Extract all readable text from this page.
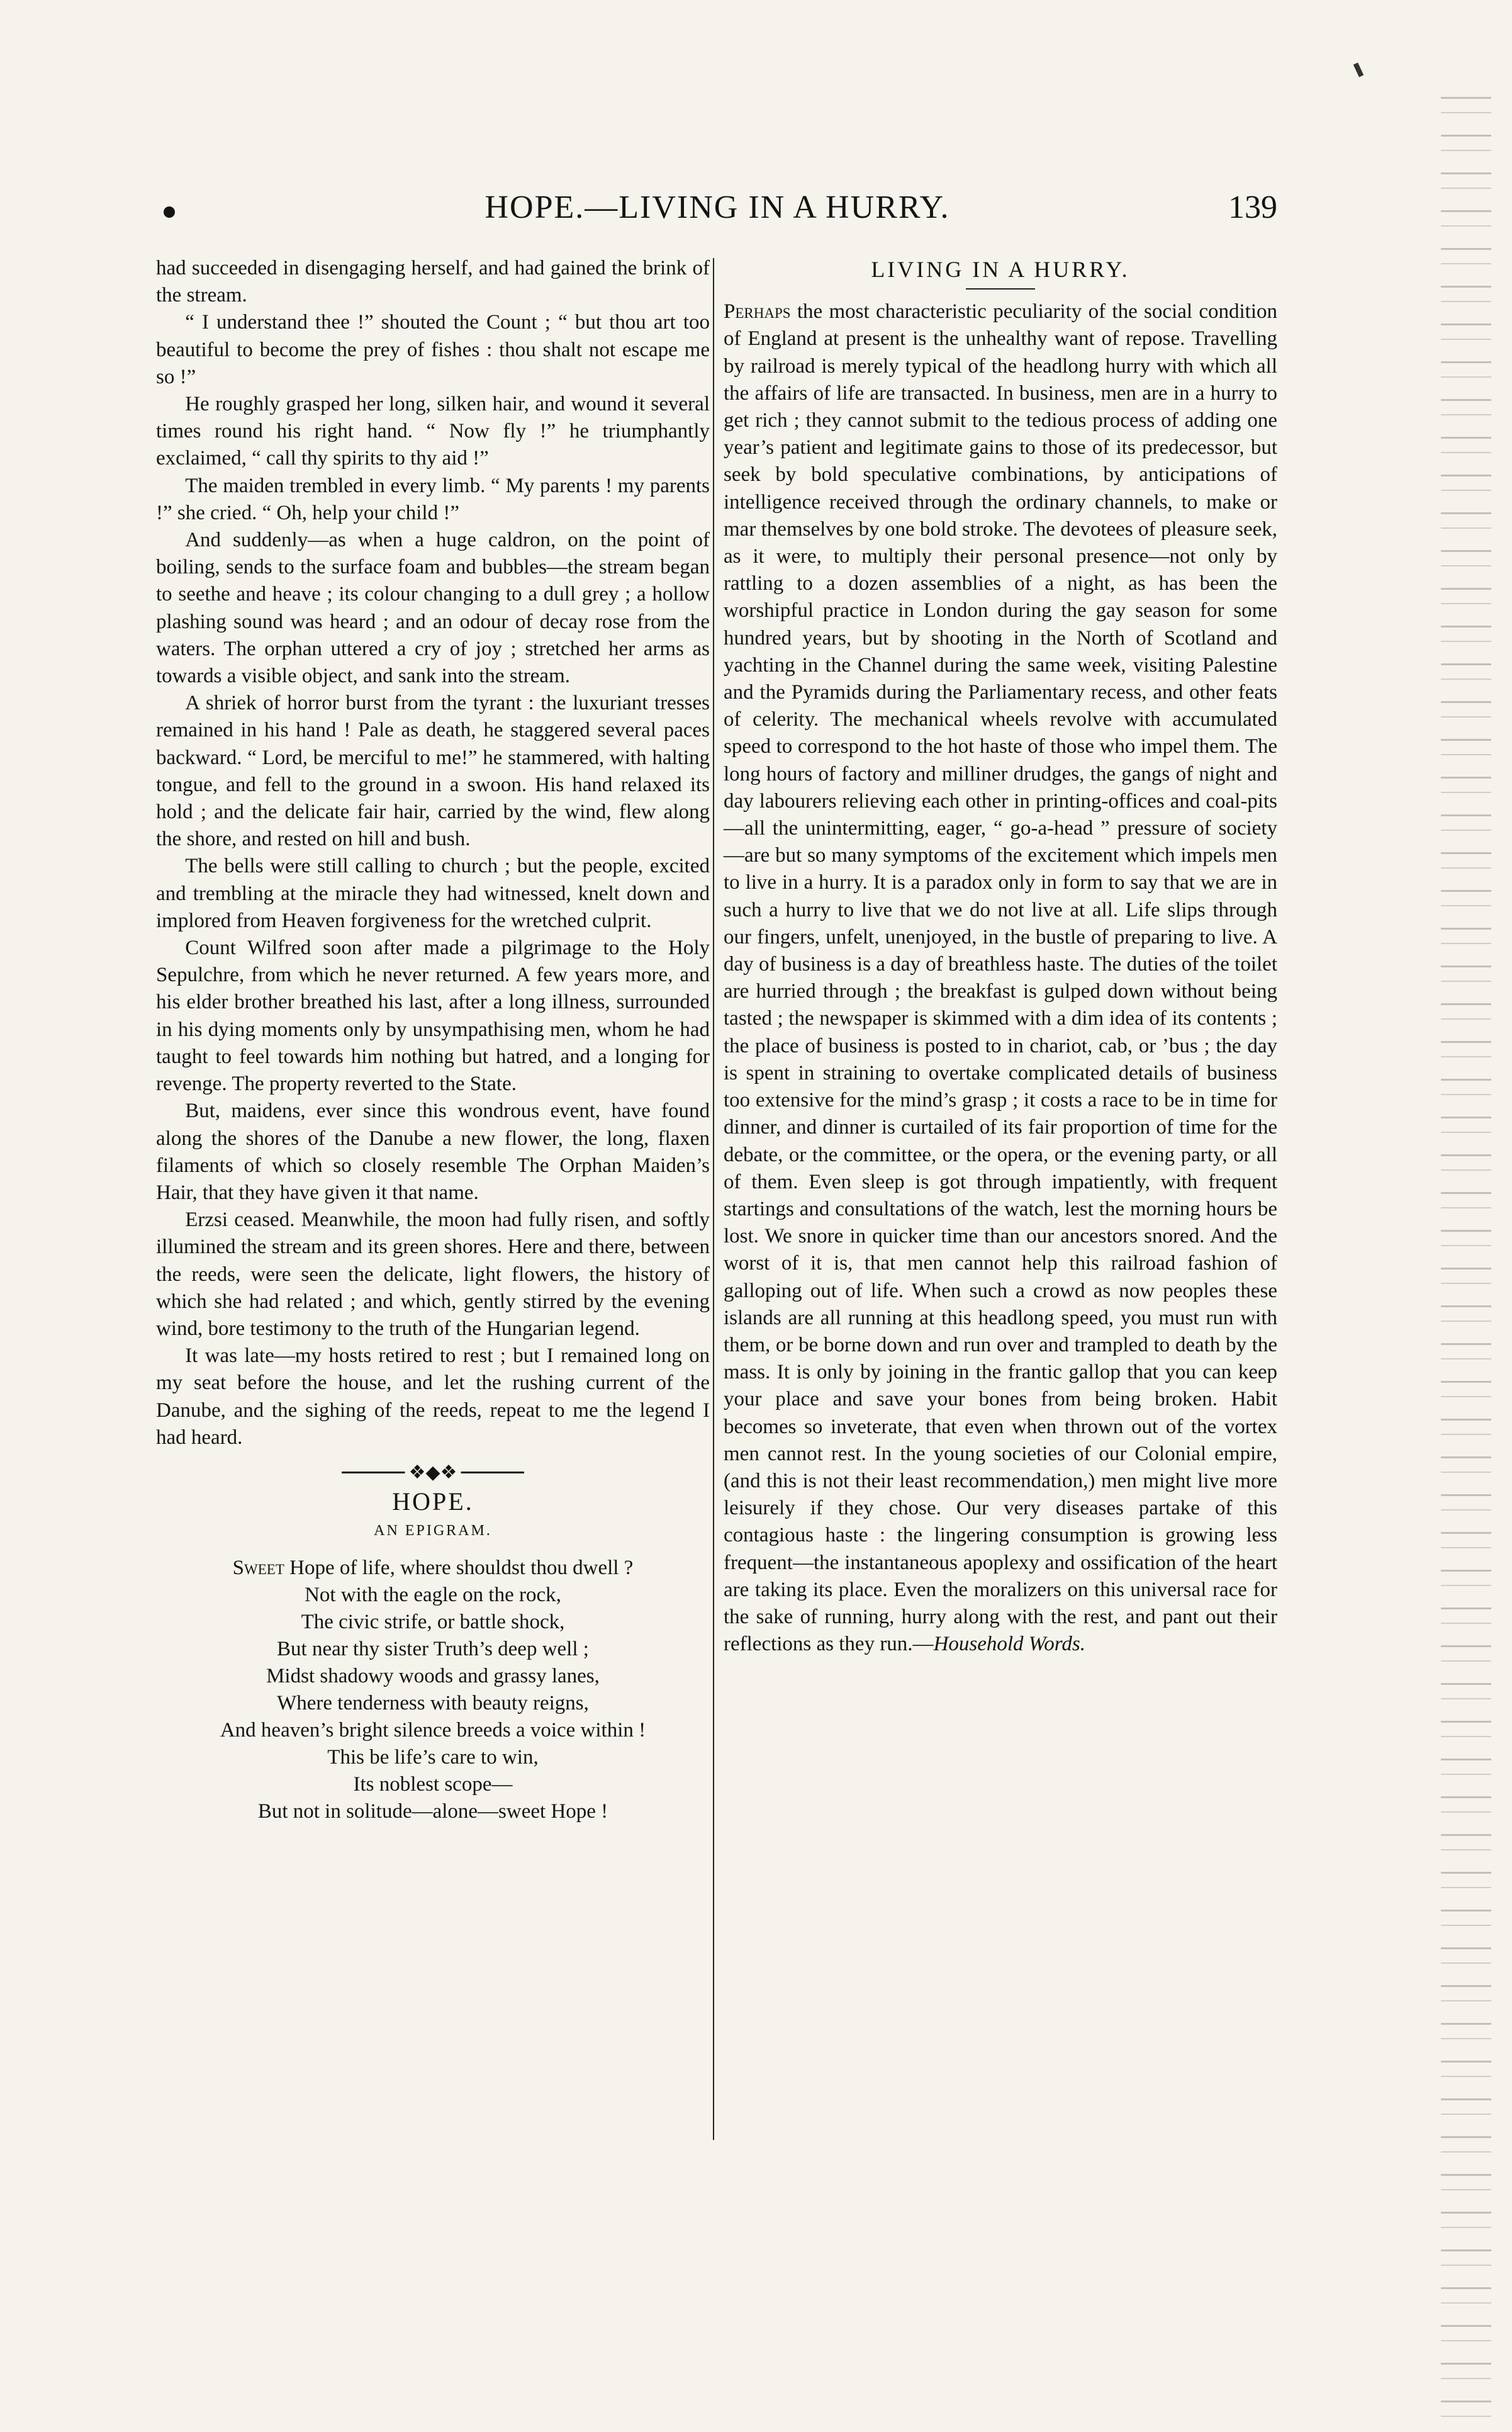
HOPE.—LIVING IN A HURRY.	139

had succeeded in disengaging herself, and had gained the brink of the stream.

“ I understand thee !” shouted the Count ; “ but thou art too beautiful to become the prey of fishes : thou shalt not escape me so !”

He roughly grasped her long, silken hair, and wound it several times round his right hand. “ Now fly !” he triumphantly exclaimed, “ call thy spirits to thy aid !”

The maiden trembled in every limb. “ My parents ! my parents !” she cried. “ Oh, help your child !”

And suddenly—as when a huge caldron, on the point of boiling, sends to the surface foam and bubbles—the stream began to seethe and heave ; its colour changing to a dull grey ; a hollow plashing sound was heard ; and an odour of decay rose from the waters. The orphan uttered a cry of joy ; stretched her arms as towards a visible object, and sank into the stream.

A shriek of horror burst from the tyrant : the luxuriant tresses remained in his hand ! Pale as death, he staggered several paces backward. “ Lord, be merciful to me!” he stammered, with halting tongue, and fell to the ground in a swoon. His hand relaxed its hold ; and the delicate fair hair, carried by the wind, flew along the shore, and rested on hill and bush.

The bells were still calling to church ; but the people, excited and trembling at the miracle they had witnessed, knelt down and implored from Heaven forgiveness for the wretched culprit.

Count Wilfred soon after made a pilgrimage to the Holy Sepulchre, from which he never returned. A few years more, and his elder brother breathed his last, after a long illness, surrounded in his dying moments only by unsympathising men, whom he had taught to feel towards him nothing but hatred, and a longing for revenge. The property reverted to the State.

But, maidens, ever since this wondrous event, have found along the shores of the Danube a new flower, the long, flaxen filaments of which so closely resemble The Orphan Maiden’s Hair, that they have given it that name.

Erzsi ceased. Meanwhile, the moon had fully risen, and softly illumined the stream and its green shores. Here and there, between the reeds, were seen the delicate, light flowers, the history of which she had related ; and which, gently stirred by the evening wind, bore testimony to the truth of the Hungarian legend.

It was late—my hosts retired to rest ; but I remained long on my seat before the house, and let the rushing current of the Danube, and the sighing of the reeds, repeat to me the legend I had heard.

❖◆❖
HOPE.
AN EPIGRAM.
Sweet Hope of life, where shouldst thou dwell ?
Not with the eagle on the rock,
The civic strife, or battle shock,
But near thy sister Truth’s deep well ;
Midst shadowy woods and grassy lanes,
Where tenderness with beauty reigns,
And heaven’s bright silence breeds a voice within !
This be life’s care to win,
Its noblest scope—
But not in solitude—alone—sweet Hope !
LIVING IN A HURRY.

Perhaps the most characteristic peculiarity of the social condition of England at present is the unhealthy want of repose. Travelling by railroad is merely typical of the headlong hurry with which all the affairs of life are transacted. In business, men are in a hurry to get rich ; they cannot submit to the tedious process of adding one year’s patient and legitimate gains to those of its predecessor, but seek by bold speculative combinations, by anticipations of intelligence received through the ordinary channels, to make or mar themselves by one bold stroke. The devotees of pleasure seek, as it were, to multiply their personal presence—not only by rattling to a dozen assemblies of a night, as has been the worshipful practice in London during the gay season for some hundred years, but by shooting in the North of Scotland and yachting in the Channel during the same week, visiting Palestine and the Pyramids during the Parliamentary recess, and other feats of celerity. The mechanical wheels revolve with accumulated speed to correspond to the hot haste of those who impel them. The long hours of factory and milliner drudges, the gangs of night and day labourers relieving each other in printing-offices and coal-pits—all the unintermitting, eager, “ go-a-head ” pressure of society—are but so many symptoms of the excitement which impels men to live in a hurry. It is a paradox only in form to say that we are in such a hurry to live that we do not live at all. Life slips through our fingers, unfelt, unenjoyed, in the bustle of preparing to live. A day of business is a day of breathless haste. The duties of the toilet are hurried through ; the breakfast is gulped down without being tasted ; the newspaper is skimmed with a dim idea of its contents ; the place of business is posted to in chariot, cab, or ’bus ; the day is spent in straining to overtake complicated details of business too extensive for the mind’s grasp ; it costs a race to be in time for dinner, and dinner is curtailed of its fair proportion of time for the debate, or the committee, or the opera, or the evening party, or all of them. Even sleep is got through impatiently, with frequent startings and consultations of the watch, lest the morning hours be lost. We snore in quicker time than our ancestors snored. And the worst of it is, that men cannot help this railroad fashion of galloping out of life. When such a crowd as now peoples these islands are all running at this headlong speed, you must run with them, or be borne down and run over and trampled to death by the mass. It is only by joining in the frantic gallop that you can keep your place and save your bones from being broken. Habit becomes so inveterate, that even when thrown out of the vortex men cannot rest. In the young societies of our Colonial empire, (and this is not their least recommendation,) men might live more leisurely if they chose. Our very diseases partake of this contagious haste : the lingering consumption is growing less frequent—the instantaneous apoplexy and ossification of the heart are taking its place. Even the moralizers on this universal race for the sake of running, hurry along with the rest, and pant out their reflections as they run.—Household Words.
